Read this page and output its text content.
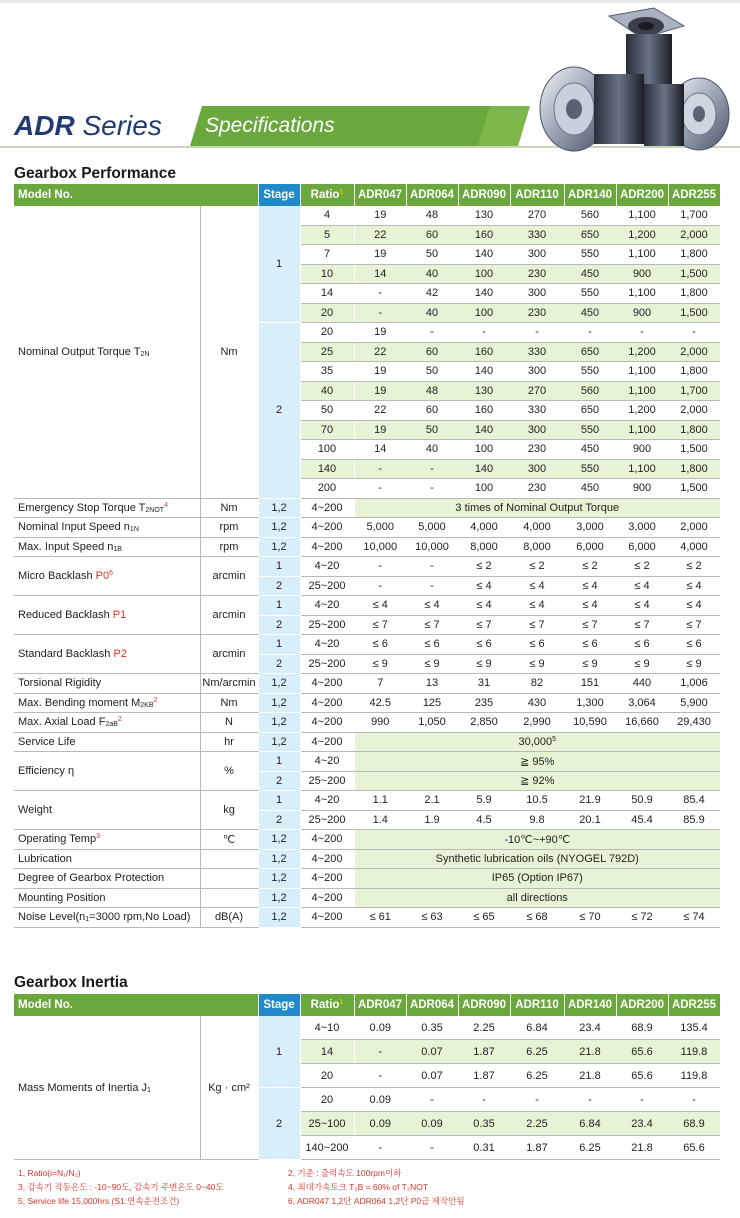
ADR Series Specifications
Gearbox Performance
Model No.		Stage	Ratio$^1$	ADR047	ADR064	ADR090	ADR110	ADR140	ADR200	ADR255
Nominal Output Torque T2N	Nm	1	4	19	48	130	270	560	1,100	1,700
			5	22	60	160	330	650	1,200	2,000
			7	19	50	140	300	550	1,100	1,800
			10	14	40	100	230	450	900	1,500
			14	-	42	140	300	550	1,100	1,800
			20	-	40	100	230	450	900	1,500
		2	20	19	-	-	-	-	-	-
			25	22	60	160	330	650	1,200	2,000
			35	19	50	140	300	550	1,100	1,800
			40	19	48	130	270	560	1,100	1,700
			50	22	60	160	330	650	1,200	2,000
			70	19	50	140	300	550	1,100	1,800
			100	14	40	100	230	450	900	1,500
			140	-	-	140	300	550	1,100	1,800
			200	-	-	100	230	450	900	1,500
Emergency Stop Torque T2NOT$^4$	Nm	1,2	4~200	3 times of Nominal Output Torque						
Nominal Input Speed n1N	rpm	1,2	4~200	5,000	5,000	4,000	4,000	3,000	3,000	2,000
Max. Input Speed n1B	rpm	1,2	4~200	10,000	10,000	8,000	8,000	6,000	6,000	4,000
Micro Backlash $P0^6$	arcmin	1	4~20	-	-	≤ 2	≤ 2	≤ 2	≤ 2	≤ 2
		2	25~200	-	-	≤ 4	≤ 4	≤ 4	≤ 4	≤ 4
Reduced Backlash P1	arcmin	1	4~20	≤ 4	≤ 4	≤ 4	≤ 4	≤ 4	≤ 4	≤ 4
		2	25~200	≤ 7	≤ 7	≤ 7	≤ 7	≤ 7	≤ 7	≤ 7
Standard Backlash P2	arcmin	1	4~20	≤ 6	≤ 6	≤ 6	≤ 6	≤ 6	≤ 6	≤ 6
		2	25~200	≤ 9	≤ 9	≤ 9	≤ 9	≤ 9	≤ 9	≤ 9
Torsional Rigidity	Nm/arcmin	1,2	4~200	7	13	31	82	151	440	1,006
Max. Bending moment $M2KB^2$	Nm	1,2	4~200	42.5	125	235	430	1,300	3,064	5,900
Max. Axial Load $F2aB^2$	N	1,2	4~200	990	1,050	2,850	2,990	10,590	16,660	29,430
Service Life	hr	1,2	4~200	30,000$^5$
Efficiency η	%	1	4~20	≧ 95%						
		2	25~200	≧ 92%						
Weight	kg	1	4~20	1.1	2.1	5.9	10.5	21.9	50.9	85.4
		2	25~200	1.4	1.9	4.5	9.8	20.1	45.4	85.9
Operating Temp$^3$	℃	1,2	4~200	-10℃~+90℃						
Lubrication		1,2	4~200	Synthetic lubrication oils (NYOGEL 792D)						
Degree of Gearbox Protection		1,2	4~200	IP65 (Option IP67)						
Mounting Position		1,2	4~200	all directions						
Noise Level(n1=3000 rpm,No Load)	dB(A)	1,2	4~200	≤ 61	≤ 63	≤ 65	≤ 68	≤ 70	≤ 72	≤ 74
Gearbox Inertia
Model No.		Stage	Ratio$^1$	ADR047	ADR064	ADR090	ADR110	ADR140	ADR200	ADR255
Mass Moments of Inertia J1	Kg · cm²	1	4~10	0.09	0.35	2.25	6.84	23.4	68.9	135.4
			14	-	0.07	1.87	6.25	21.8	65.6	119.8
			20	-	0.07	1.87	6.25	21.8	65.6	119.8
		2	20	0.09	-	-	-	-	-	-
			25~100	0.09	0.09	0.35	2.25	6.84	23.4	68.9
			140~200	-	-	0.31	1.87	6.25	21.8	65.6
1, Ratio(i=N₁/N₂)
3, 감속기 작동온도 : -10~90도, 감속기 주변온도 0~40도
5, Service life 15,000hrs (S1:연속운전조건)
2, 기준 : 출력속도 100rpm이하
4, 최대가속토크 T₂B = 60% of T₂NOT
6, ADR047 1,2단 ADR064 1,2단 P0급 제작안됨
